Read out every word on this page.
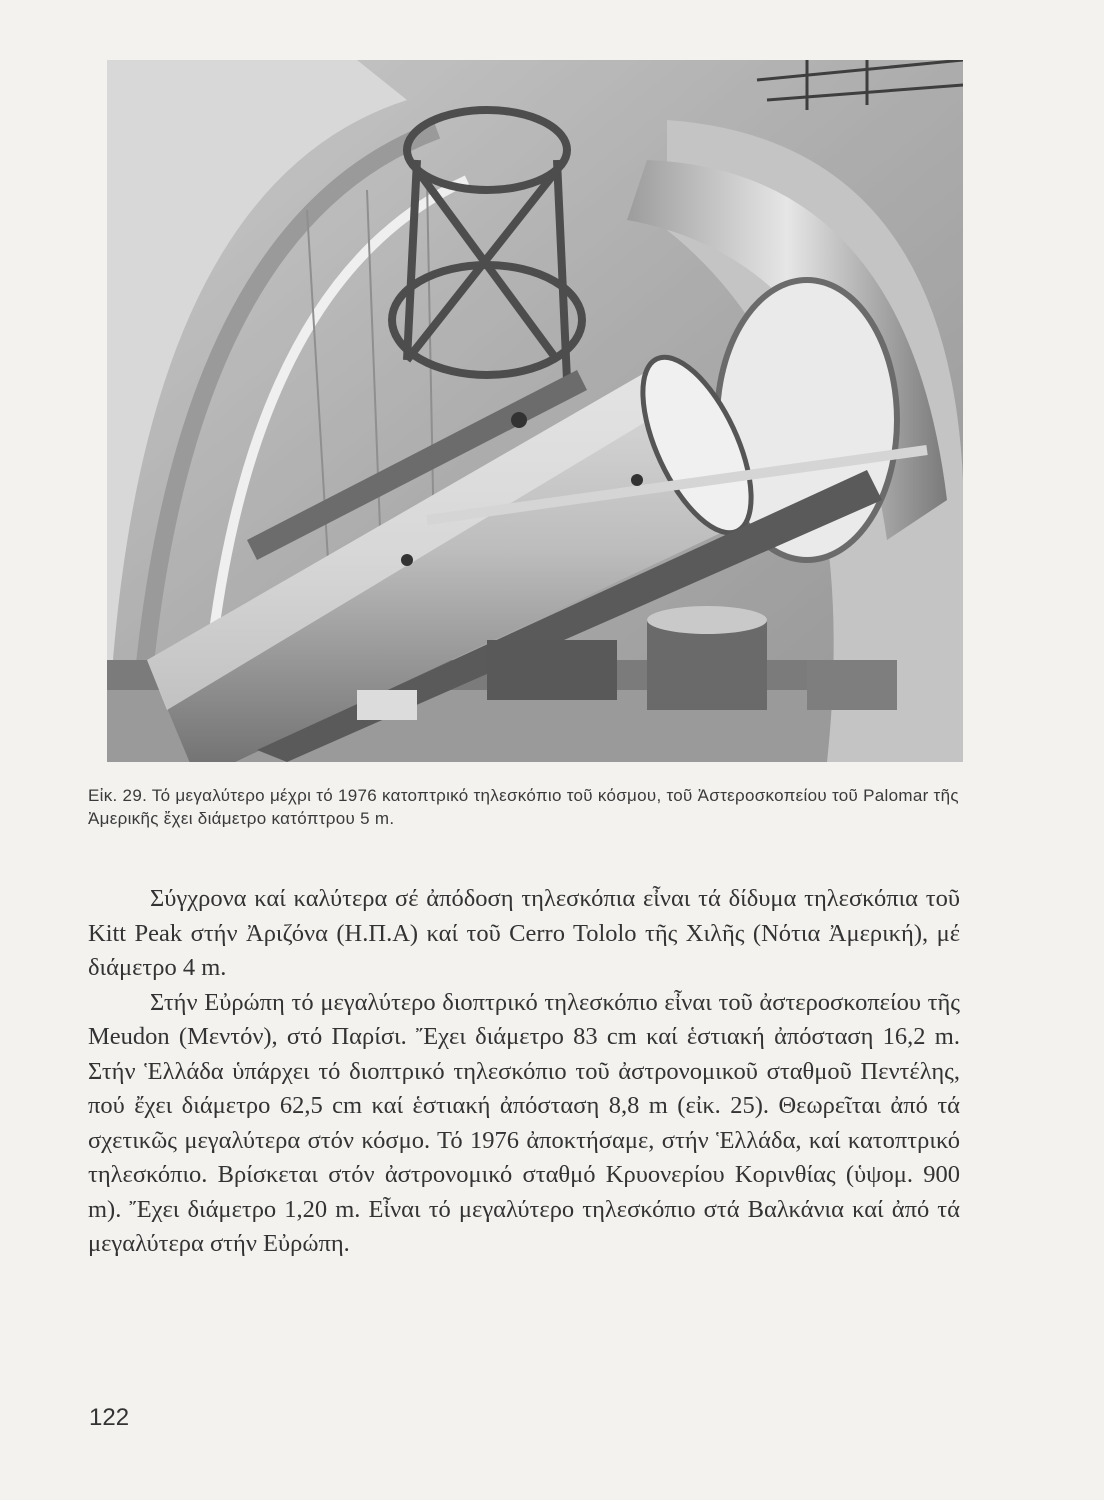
Εἰκ. 29. Τό μεγαλύτερο μέχρι τό 1976 κατοπτρικό τηλεσκόπιο τοῦ κόσμου, τοῦ Ἀστεροσκοπείου τοῦ Palomar τῆς Ἀμερικῆς ἔχει διάμετρο κατόπτρου 5 m.

Σύγχρονα καί καλύτερα σέ ἀπόδοση τηλεσκόπια εἶναι τά δίδυμα τηλεσκόπια τοῦ Kitt Peak στήν Ἀριζόνα (Η.Π.Α) καί τοῦ Cerro Tololo τῆς Χιλῆς (Νότια Ἀμερική), μέ διάμετρο 4 m.

Στήν Εὐρώπη τό μεγαλύτερο διοπτρικό τηλεσκόπιο εἶναι τοῦ ἀστεροσκοπείου τῆς Meudon (Μεντόν), στό Παρίσι. Ἔχει διάμετρο 83 cm καί ἑστιακή ἀπόσταση 16,2 m. Στήν Ἑλλάδα ὑπάρχει τό διοπτρικό τηλεσκόπιο τοῦ ἀστρονομικοῦ σταθμοῦ Πεντέλης, πού ἔχει διάμετρο 62,5 cm καί ἑστιακή ἀπόσταση 8,8 m (εἰκ. 25). Θεωρεῖται ἀπό τά σχετικῶς μεγαλύτερα στόν κόσμο. Τό 1976 ἀποκτήσαμε, στήν Ἑλλάδα, καί κατοπτρικό τηλεσκόπιο. Βρίσκεται στόν ἀστρονομικό σταθμό Κρυονερίου Κορινθίας (ὑψομ. 900 m). Ἔχει διάμετρο 1,20 m. Εἶναι τό μεγαλύτερο τηλεσκόπιο στά Βαλκάνια καί ἀπό τά μεγαλύτερα στήν Εὐρώπη.

122
